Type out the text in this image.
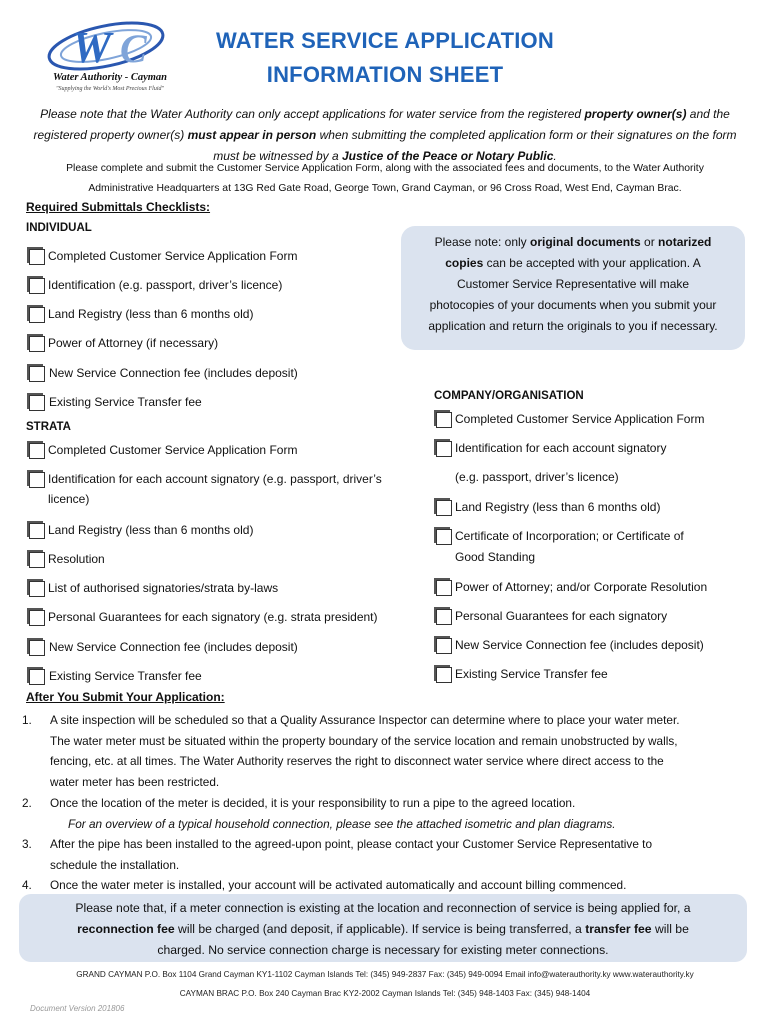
W C
Water Authority - Cayman
"Supplying the World's Most Precious Fluid"
WATER SERVICE APPLICATION
INFORMATION SHEET
Please note that the Water Authority can only accept applications for water service from the registered property owner(s) and the registered property owner(s) must appear in person when submitting the completed application form or their signatures on the form must be witnessed by a Justice of the Peace or Notary Public.
Please complete and submit the Customer Service Application Form, along with the associated fees and documents, to the Water Authority
Administrative Headquarters at 13G Red Gate Road, George Town, Grand Cayman, or 96 Cross Road, West End, Cayman Brac.
Required Submittals Checklists:
INDIVIDUAL
Completed Customer Service Application Form
Identification (e.g. passport, driver’s licence)
Land Registry (less than 6 months old)
Power of Attorney (if necessary)
New Service Connection fee (includes deposit)
Existing Service Transfer fee
Please note: only original documents or notarized
copies can be accepted with your application. A
Customer Service Representative will make
photocopies of your documents when you submit your
application and return the originals to you if necessary.
STRATA
Completed Customer Service Application Form
Identification for each account signatory (e.g. passport, driver’s
licence)
Land Registry (less than 6 months old)
Resolution
List of authorised signatories/strata by-laws
Personal Guarantees for each signatory (e.g. strata president)
New Service Connection fee (includes deposit)
Existing Service Transfer fee
COMPANY/ORGANISATION
Completed Customer Service Application Form
Identification for each account signatory
(e.g. passport, driver’s licence)
Land Registry (less than 6 months old)
Certificate of Incorporation; or Certificate of
Good Standing
Power of Attorney; and/or Corporate Resolution
Personal Guarantees for each signatory
New Service Connection fee (includes deposit)
Existing Service Transfer fee
After You Submit Your Application:
1. A site inspection will be scheduled so that a Quality Assurance Inspector can determine where to place your water meter.
The water meter must be situated within the property boundary of the service location and remain unobstructed by walls,
fencing, etc. at all times. The Water Authority reserves the right to disconnect water service where direct access to the
water meter has been restricted.
2. Once the location of the meter is decided, it is your responsibility to run a pipe to the agreed location.
For an overview of a typical household connection, please see the attached isometric and plan diagrams.
3. After the pipe has been installed to the agreed-upon point, please contact your Customer Service Representative to
schedule the installation.
4. Once the water meter is installed, your account will be activated automatically and account billing commenced.
Please note that, if a meter connection is existing at the location and reconnection of service is being applied for, a
reconnection fee will be charged (and deposit, if applicable). If service is being transferred, a transfer fee will be
charged. No service connection charge is necessary for existing meter connections.
GRAND CAYMAN P.O. Box 1104 Grand Cayman KY1-1102 Cayman Islands Tel: (345) 949-2837 Fax: (345) 949-0094 Email info@waterauthority.ky www.waterauthority.ky
CAYMAN BRAC P.O. Box 240 Cayman Brac KY2-2002 Cayman Islands Tel: (345) 948-1403 Fax: (345) 948-1404
Document Version 201806
